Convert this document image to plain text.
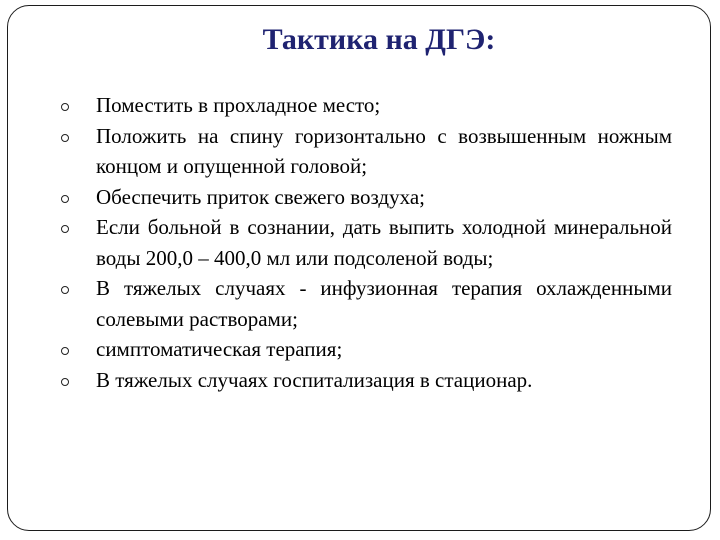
Тактика на ДГЭ:
Поместить в прохладное место;
Положить на спину горизонтально с возвышенным ножным концом и опущенной головой;
Обеспечить приток свежего воздуха;
Если больной в сознании, дать выпить холодной минеральной воды 200,0 – 400,0 мл или подсоленой воды;
В тяжелых случаях - инфузионная терапия охлажденными солевыми растворами;
симптоматическая терапия;
В тяжелых случаях госпитализация в стационар.
